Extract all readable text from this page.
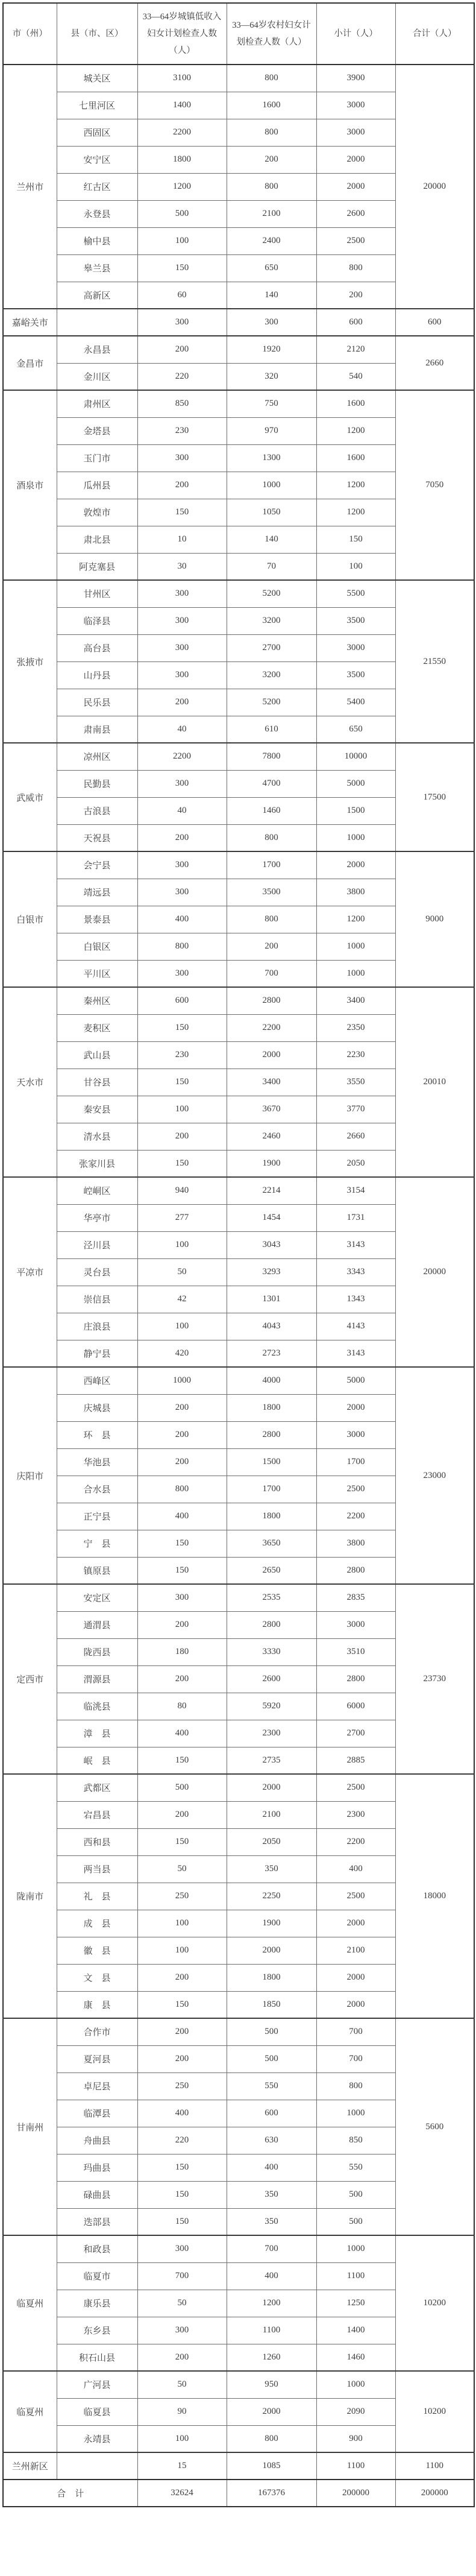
市（州）	县（市、区）	33—64岁城镇低收入妇女计划检查人数（人）	33—64岁农村妇女计划检查人数（人）	小计（人）	合计（人）
兰州市	城关区	3100	800	3900	20000
	七里河区	1400	1600	3000	
	西固区	2200	800	3000	
	安宁区	1800	200	2000	
	红古区	1200	800	2000	
	永登县	500	2100	2600	
	榆中县	100	2400	2500	
	皋兰县	150	650	800	
	高新区	60	140	200	
嘉峪关市		300	300	600	600
金昌市	永昌县	200	1920	2120	2660
	金川区	220	320	540	
酒泉市	肃州区	850	750	1600	7050
	金塔县	230	970	1200	
	玉门市	300	1300	1600	
	瓜州县	200	1000	1200	
	敦煌市	150	1050	1200	
	肃北县	10	140	150	
	阿克塞县	30	70	100	
张掖市	甘州区	300	5200	5500	21550
	临泽县	300	3200	3500	
	高台县	300	2700	3000	
	山丹县	300	3200	3500	
	民乐县	200	5200	5400	
	肃南县	40	610	650	
武威市	凉州区	2200	7800	10000	17500
	民勤县	300	4700	5000	
	古浪县	40	1460	1500	
	天祝县	200	800	1000	
白银市	会宁县	300	1700	2000	9000
	靖远县	300	3500	3800	
	景泰县	400	800	1200	
	白银区	800	200	1000	
	平川区	300	700	1000	
天水市	秦州区	600	2800	3400	20010
	麦积区	150	2200	2350	
	武山县	230	2000	2230	
	甘谷县	150	3400	3550	
	秦安县	100	3670	3770	
	清水县	200	2460	2660	
	张家川县	150	1900	2050	
平凉市	崆峒区	940	2214	3154	20000
	华亭市	277	1454	1731	
	泾川县	100	3043	3143	
	灵台县	50	3293	3343	
	崇信县	42	1301	1343	
	庄浪县	100	4043	4143	
	静宁县	420	2723	3143	
庆阳市	西峰区	1000	4000	5000	23000
	庆城县	200	1800	2000	
	环　县	200	2800	3000	
	华池县	200	1500	1700	
	合水县	800	1700	2500	
	正宁县	400	1800	2200	
	宁　县	150	3650	3800	
	镇原县	150	2650	2800	
定西市	安定区	300	2535	2835	23730
	通渭县	200	2800	3000	
	陇西县	180	3330	3510	
	渭源县	200	2600	2800	
	临洮县	80	5920	6000	
	漳　县	400	2300	2700	
	岷　县	150	2735	2885	
陇南市	武都区	500	2000	2500	18000
	宕昌县	200	2100	2300	
	西和县	150	2050	2200	
	两当县	50	350	400	
	礼　县	250	2250	2500	
	成　县	100	1900	2000	
	徽　县	100	2000	2100	
	文　县	200	1800	2000	
	康　县	150	1850	2000	
甘南州	合作市	200	500	700	5600
	夏河县	200	500	700	
	卓尼县	250	550	800	
	临潭县	400	600	1000	
	舟曲县	220	630	850	
	玛曲县	150	400	550	
	碌曲县	150	350	500	
	迭部县	150	350	500	
临夏州	和政县	300	700	1000	10200
	临夏市	700	400	1100	
	康乐县	50	1200	1250	
	东乡县	300	1100	1400	
	积石山县	200	1260	1460	
临夏州	广河县	50	950	1000	10200
	临夏县	90	2000	2090	
	永靖县	100	800	900	
兰州新区		15	1085	1100	1100
合　计		32624	167376	200000	200000
